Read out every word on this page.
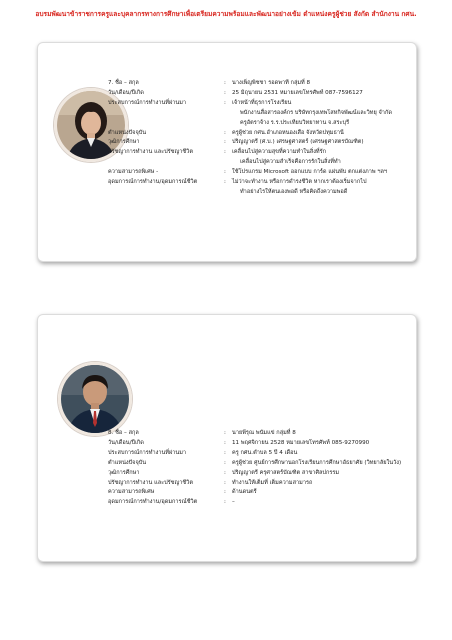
อบรมพัฒนาข้าราชการครูและบุคลากรทางการศึกษาเพื่อเตรียมความพร้อมและพัฒนาอย่างเข้ม ตำแหน่งครูผู้ช่วย สังกัด สำนักงาน กศน.
7. ชื่อ – สกุล	:	นางเพ็ญพิชชา รอดพาที กลุ่มที่ 8
วัน/เดือน/ปีเกิด	:	25 มิถุนายน 2531 หมายเลขโทรศัพท์ 087-7596127
ประสบการณ์การทำงานที่ผ่านมา	:	เจ้าหน้าที่ธุรการโรงเรียน
พนักงานสื่อสารองค์กร บริษัทกรุงเทพโสหกิจพัฒน์และวิทยุ จำกัด
ครูอัตราจ้าง ร.ร.ประเทียบวิทยาทาน จ.สระบุรี
ตำแหน่งปัจจุบัน	:	ครูผู้ช่วย กศน.อำเภอหนองเสือ จังหวัดปทุมธานี
วุฒิการศึกษา	:	ปริญญาตรี (ศ.บ.) เศรษฐศาสตร์ (เศรษฐศาสตรบัณฑิต)
ปรัชญาการทำงาน และปรัชญาชีวิต	:	เคลื่อนไปสู่ความสุขที่ความทำในสิ่งที่รัก
เคลื่อนไปสู่ความสำเร็จคือการรักในสิ่งที่ทำ
ความสามารถพิเศษ -	:	ใช้โปรแกรม Microsoft ออกแบบ การ์ด แผ่นพับ ตกแต่งภาพ ฯลฯ
อุดมการณ์การทำงาน/อุดมการณ์ชีวิต	:	ไม่ว่าจะทำงาน หรือการดำรงชีวิต หากเราต้องเริ่มจากไป
ทำอย่างไรให้ตนเองพอดี หรือคิดถึงความพอดี
8. ชื่อ – สกุล	:	นายพีรุณ พนัมแข่ กลุ่มที่ 8
วัน/เดือน/ปีเกิด	:	11 พฤศจิกายน 2528 หมายเลขโทรศัพท์ 085-9270990
ประสบการณ์การทำงานที่ผ่านมา	:	ครู กศน.ตำบล 5 ปี 4 เดือน
ตำแหน่งปัจจุบัน	:	ครูผู้ช่วย ศูนย์การศึกษานอกโรงเรียนการศึกษาอัธยาศัย (วิทยาลัยในวัง)
วุฒิการศึกษา	:	ปริญญาตรี ครุศาสตร์บัณฑิต สาขาศิลปกรรม
ปรัชญาการทำงาน และปรัชญาชีวิต	:	ทำงานให้เต็มที่ เต็มความสามารถ
ความสามารถพิเศษ	:	ด้านดนตรี
อุดมการณ์การทำงาน/อุดมการณ์ชีวิต	:	–
